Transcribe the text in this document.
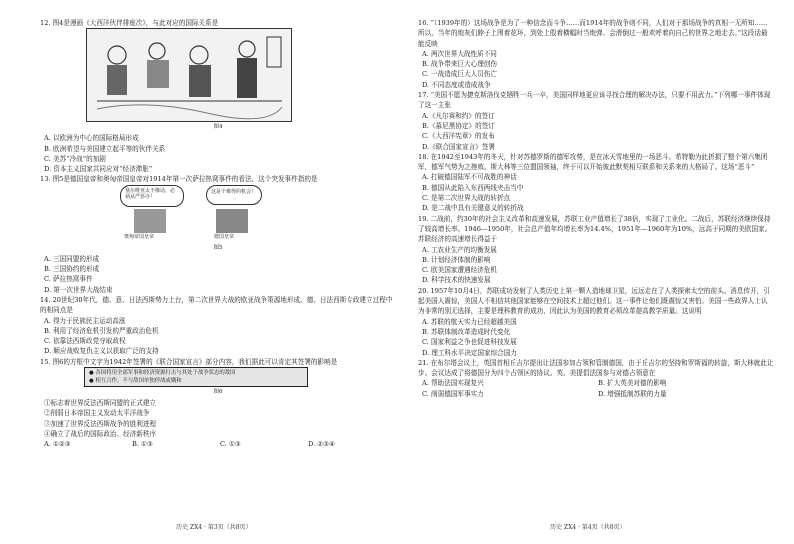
12. 图4是漫画《大西洋伙伴排座次》，与此对应的国际关系是

图4

A. 以欧洲为中心的国际格局形成

B. 欧洲希望与美国建立起平等的伙伴关系

C. 美苏“冷战”的加剧

D. 资本主义国家共同应对“经济滞胀”

13. 图5是德国皇帝和奥匈帝国皇帝对1914年第一次萨拉热窝事件的看法，这个突发事件指的是

塞尔维亚太不像话，必须从严惩办！
这是个难得的机会！
奥匈帝国皇帝	德国皇帝

图5

A. 三国同盟的形成

B. 三国协约的形成

C. 萨拉热窝事件

D. 第一次世界大战结束

14. 20世纪30年代，德、意、日法西斯势力上台，第二次世界大战的欧亚战争策源地形成。德、日法西斯专政建立过程中的相同点是

A. 得力于民族民主运动高涨

B. 利用了经济危机引发的严重政治危机

C. 依靠法西斯政党夺取政权

D. 顺应战败复仇主义以获取广泛的支持

15. 图6的方框中文字为1942年签署的《联合国家宣言》部分内容，我们据此可以肯定其签署的影响是

● 各国将用全部军事和经济资源打击与其处于战争状态的敌国
● 相互合作，不与敌国单独停战或媾和

图6

①标志着世界反法西斯同盟的正式建立

②削弱日本帝国主义发动太平洋战争

③加速了世界反法西斯战争的胜利进程

④确立了战后的国际政治、经济新秩序

A. ①②③	B. ①③	C. ①③	D. ②③④

16. “（1939年的）这场战争是为了一种信念而斗争……而1914年的战争则不同，人们对于那场战争的真相一无所知……所以，当年的炮灰们脖子上围着花环，到处上殷着横幅时当炮弹、会滑倒过一般欢呼着向自己的世界之地走去。”这段话最能反映

A. 两次世界大战性质不同

B. 战争带来巨大心理创伤

C. 一战造成巨大人员伤亡

D. 不同态度或造成战争

17. “美国不愿为捷克斯洛伐克牺牲一兵一卒，美国同样地更应该寻找合理的解决办法，只要不用武力。”下列哪一事件体现了这一主张

A.《凡尔赛和约》的签订

B.《慕尼黑协定》的签订

C.《大西洋宪章》的发布

D.《联合国家宣言》签署

18. 在1942至1943年的冬天，针对苏德罗斯的德军攻势，是在冰天雪地里的一场恶斗。希特勒为此折损了整个第六集团军，德军气势为之挫败。斯大林等三位盟国领袖，终于可以开始彼此默契相互联系和关系来的大格局了。这场“恶斗”

A. 打破德国陆军不可战胜的神话

B. 德国从此陷入东西两线夹击当中

C. 是第二次世界大战的转折点

D. 是二战中具有关键意义的转折战

19. 二战前，约30年的社会主义改革和高速发展，苏联工业产值增长了38倍，实现了工业化。二战后，苏联经济继续保持了较高增长率。1946—1950年，社会总产值年均增长率为14.4%，1951年—1960年为10%，远高于同期的美欧国家。苏联经济的高速增长得益于

A. 工农业生产的均衡发展

B. 计划经济体制的影响

C. 欧美国家遭遇经济危机

D. 科学技术的快速发展

20. 1957年10月4日，苏联成功发射了人类历史上第一颗人造地球卫星，远远走在了人类探索太空的前头。消息传开，引起美国人震惊，美国人不相信其他国家能够在空间技术上超过他们。这一事件让他们既震惊又害怕。美国一些政界人士认为非常的别无选择，主要是理科教育的成功，因此认为美国的教育必须改革提高教学质量。这说明

A. 苏联的航天实力已经超越美国

B. 苏联体制改革造成时代变化

C. 国家利益之争也促进科技发展

D. 理工科水平决定国家综合国力

21. 在布尔塔会议上，英国首相丘吉尔提出让法国参加占领和管制德国，由于丘吉尔的坚持和罗斯福的转旋，斯大林就此让步。会议达成了将德国分为四个占领区的协议。英、美提倡法国参与对德占领意在

A. 帮助法国实现复兴	B. 扩大英美对德的影响
C. 削弱德国军事实力	D. 增强抵制苏联的力量
历史 ZX4 · 第3页（共8页）	历史 ZX4 · 第4页（共8页）
